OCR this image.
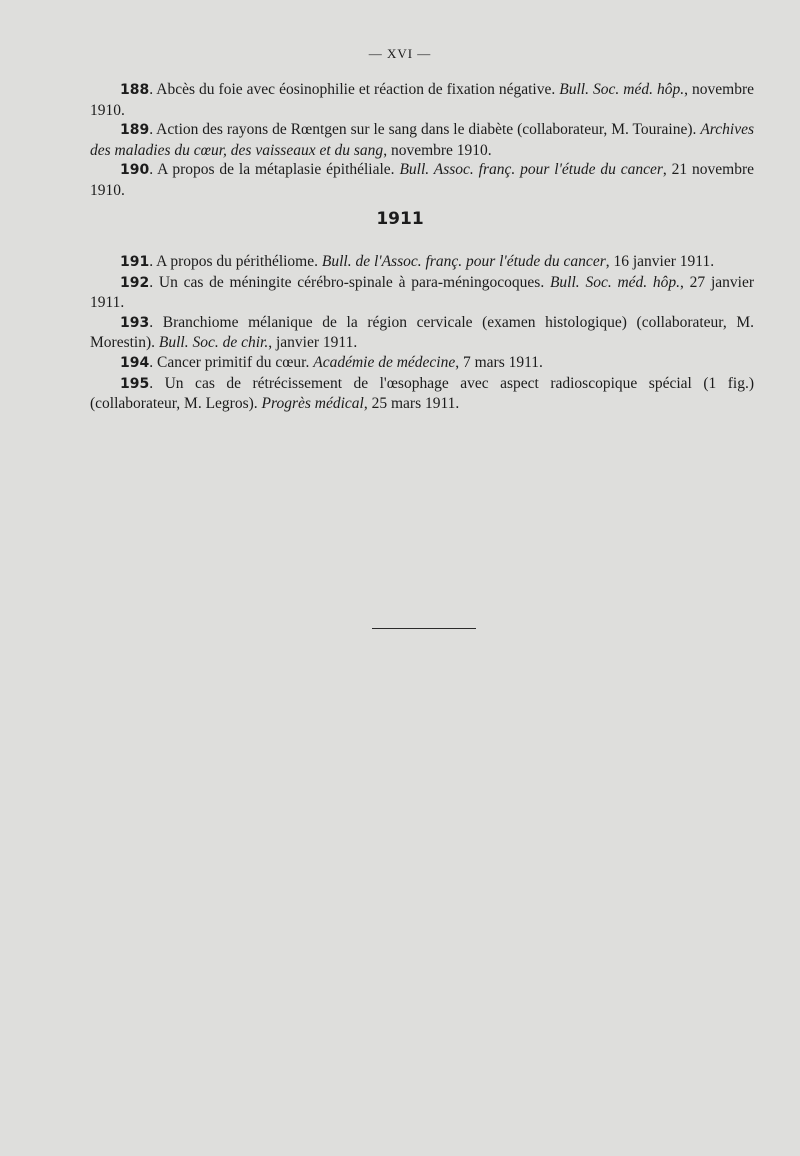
— XVI —

188. Abcès du foie avec éosinophilie et réaction de fixation négative. Bull. Soc. méd. hôp., novembre 1910.

189. Action des rayons de Rœntgen sur le sang dans le diabète (collaborateur, M. Touraine). Archives des maladies du cœur, des vaisseaux et du sang, novembre 1910.

190. A propos de la métaplasie épithéliale. Bull. Assoc. franç. pour l'étude du cancer, 21 novembre 1910.

1911

191. A propos du périthéliome. Bull. de l'Assoc. franç. pour l'étude du cancer, 16 janvier 1911.

192. Un cas de méningite cérébro-spinale à para-méningocoques. Bull. Soc. méd. hôp., 27 janvier 1911.

193. Branchiome mélanique de la région cervicale (examen histologique) (collaborateur, M. Morestin). Bull. Soc. de chir., janvier 1911.

194. Cancer primitif du cœur. Académie de médecine, 7 mars 1911.

195. Un cas de rétrécissement de l'œsophage avec aspect radioscopique spécial (1 fig.) (collaborateur, M. Legros). Progrès médical, 25 mars 1911.
